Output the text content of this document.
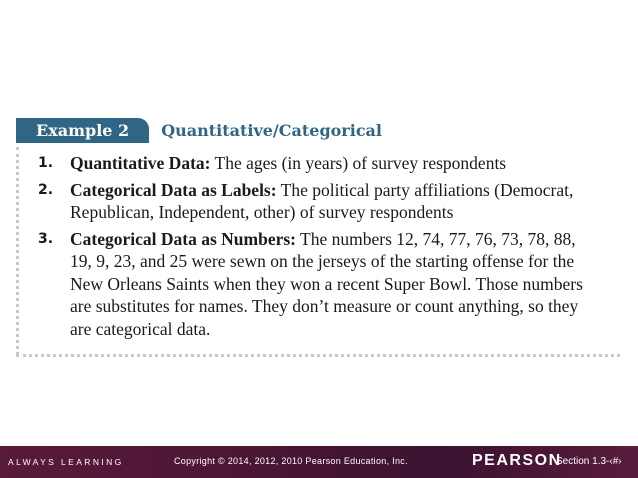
Example 2	Quantitative/Categorical
1. Quantitative Data: The ages (in years) of survey respondents
2. Categorical Data as Labels: The political party affiliations (Democrat, Republican, Independent, other) of survey respondents
3. Categorical Data as Numbers: The numbers 12, 74, 77, 76, 73, 78, 88, 19, 9, 23, and 25 were sewn on the jerseys of the starting offense for the New Orleans Saints when they won a recent Super Bowl. Those numbers are substitutes for names. They don’t measure or count anything, so they are categorical data.
ALWAYS LEARNING	Copyright © 2014, 2012, 2010 Pearson Education, Inc.	PEARSON
Section 1.3-‹#›
